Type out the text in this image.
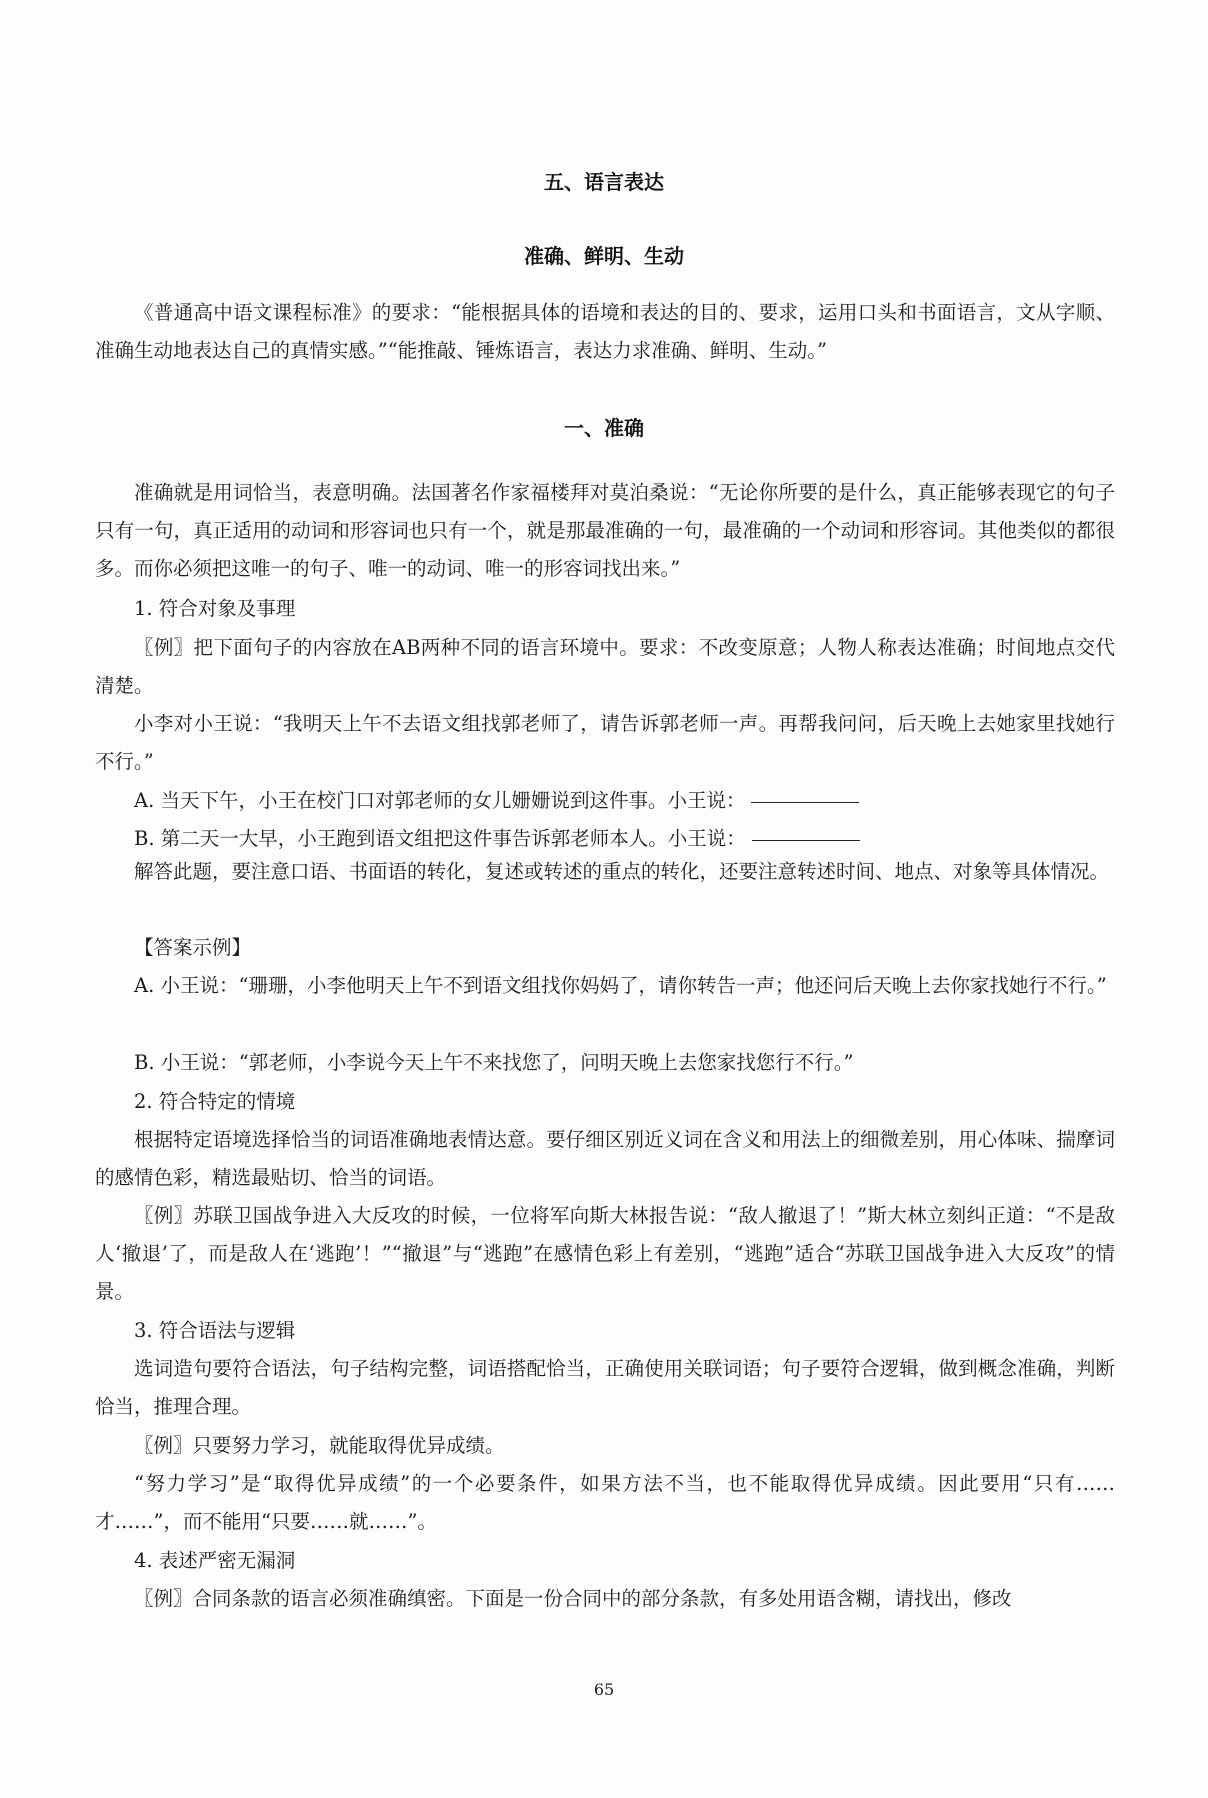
五、语言表达
准确、鲜明、生动
《普通高中语文课程标准》的要求：“能根据具体的语境和表达的目的、要求，运用口头和书面语言，文从字顺、准确生动地表达自己的真情实感。”“能推敲、锤炼语言，表达力求准确、鲜明、生动。”
一、准确
准确就是用词恰当，表意明确。法国著名作家福楼拜对莫泊桑说：“无论你所要的是什么，真正能够表现它的句子只有一句，真正适用的动词和形容词也只有一个，就是那最准确的一句，最准确的一个动词和形容词。其他类似的都很多。而你必须把这唯一的句子、唯一的动词、唯一的形容词找出来。”
1. 符合对象及事理
〖例〗把下面句子的内容放在AB两种不同的语言环境中。要求：不改变原意；人物人称表达准确；时间地点交代清楚。
小李对小王说：“我明天上午不去语文组找郭老师了，请告诉郭老师一声。再帮我问问，后天晚上去她家里找她行不行。”
A. 当天下午，小王在校门口对郭老师的女儿姗姗说到这件事。小王说：
B. 第二天一大早，小王跑到语文组把这件事告诉郭老师本人。小王说：
解答此题，要注意口语、书面语的转化，复述或转述的重点的转化，还要注意转述时间、地点、对象等具体情况。
【答案示例】
A. 小王说：“珊珊，小李他明天上午不到语文组找你妈妈了，请你转告一声；他还问后天晚上去你家找她行不行。”
B. 小王说：“郭老师，小李说今天上午不来找您了，问明天晚上去您家找您行不行。”
2. 符合特定的情境
根据特定语境选择恰当的词语准确地表情达意。要仔细区别近义词在含义和用法上的细微差别，用心体味、揣摩词的感情色彩，精选最贴切、恰当的词语。
〖例〗苏联卫国战争进入大反攻的时候，一位将军向斯大林报告说：“敌人撤退了！”斯大林立刻纠正道：“不是敌人‘撤退’了，而是敌人在‘逃跑’！”“撤退”与“逃跑”在感情色彩上有差别，“逃跑”适合“苏联卫国战争进入大反攻”的情景。
3. 符合语法与逻辑
选词造句要符合语法，句子结构完整，词语搭配恰当，正确使用关联词语；句子要符合逻辑，做到概念准确，判断恰当，推理合理。
〖例〗只要努力学习，就能取得优异成绩。
“努力学习”是“取得优异成绩”的一个必要条件，如果方法不当，也不能取得优异成绩。因此要用“只有……才……”，而不能用“只要……就……”。
4. 表述严密无漏洞
〖例〗合同条款的语言必须准确缜密。下面是一份合同中的部分条款，有多处用语含糊，请找出，修改
65
